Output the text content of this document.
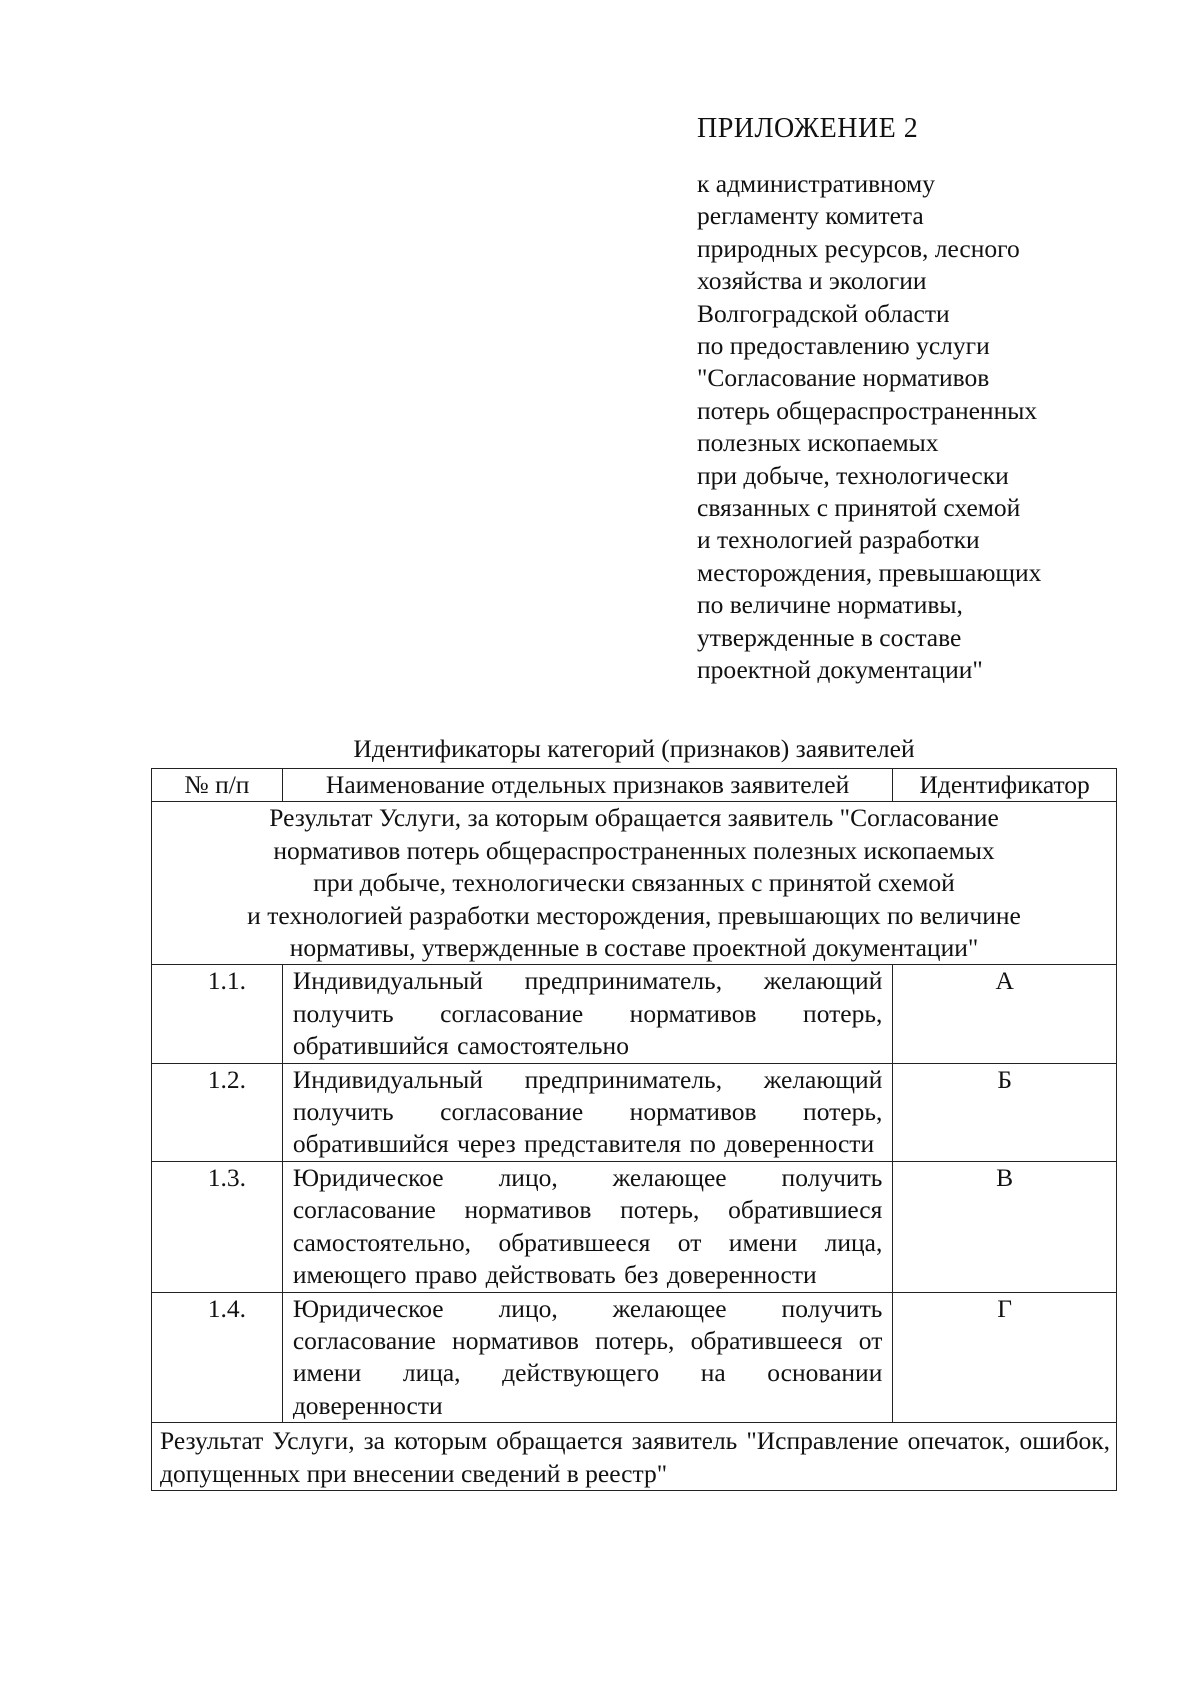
ПРИЛОЖЕНИЕ 2
к административному
регламенту комитета
природных ресурсов, лесного
хозяйства и экологии
Волгоградской области
по предоставлению услуги
"Согласование нормативов
потерь общераспространенных
полезных ископаемых
при добыче, технологически
связанных с принятой схемой
и технологией разработки
месторождения, превышающих
по величине нормативы,
утвержденные в составе
проектной документации"
Идентификаторы категорий (признаков) заявителей
№ п/п	Наименование отдельных признаков заявителей	Идентификатор

Результат Услуги, за которым обращается заявитель "Согласование
нормативов потерь общераспространенных полезных ископаемых
при добыче, технологически связанных с принятой схемой
и технологией разработки месторождения, превышающих по величине
нормативы, утвержденные в составе проектной документации"		

1.1.	Индивидуальный предприниматель, желающий получить согласование нормативов потерь, обратившийся самостоятельно	А
1.2.	Индивидуальный предприниматель, желающий получить согласование нормативов потерь, обратившийся через представителя по доверенности	Б
1.3.	Юридическое лицо, желающее получить согласование нормативов потерь, обратившиеся самостоятельно, обратившееся от имени лица, имеющего право действовать без доверенности	В
1.4.	Юридическое лицо, желающее получить согласование нормативов потерь, обратившееся от имени лица, действующего на основании доверенности	Г
Результат Услуги, за которым обращается заявитель "Исправление опечаток, ошибок, допущенных при внесении сведений в реестр"		
